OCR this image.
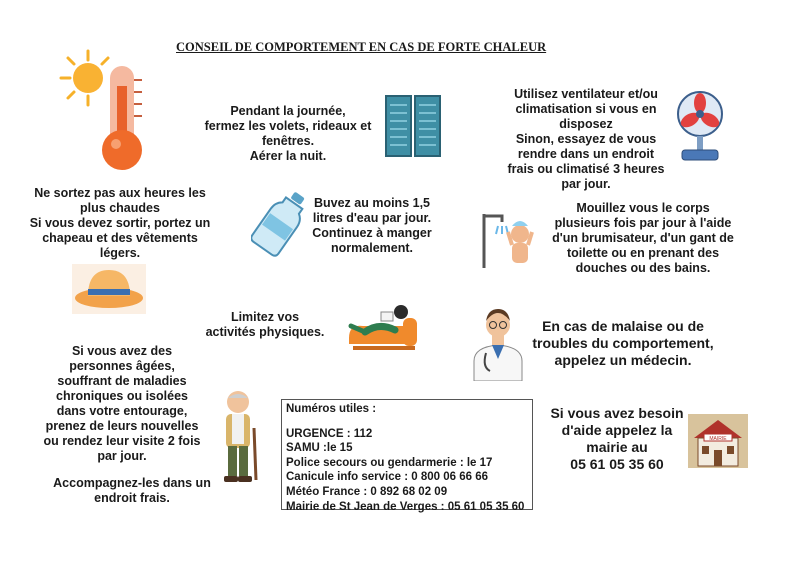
CONSEIL DE COMPORTEMENT EN CAS DE FORTE CHALEUR
Pendant la journée,
fermez les volets, rideaux et
fenêtres.
Aérer la nuit.
Utilisez ventilateur et/ou
climatisation si vous en
disposez
Sinon, essayez de vous
rendre dans un endroit
frais ou climatisé 3 heures
par jour.
Ne sortez pas aux heures les
plus chaudes
Si vous devez sortir, portez un
chapeau et des vêtements
légers.
Buvez au moins 1,5
litres d'eau par jour.
Continuez à manger
normalement.
Mouillez vous le corps
plusieurs fois par jour à l'aide
d'un brumisateur, d'un gant de
toilette ou en prenant des
douches ou des bains.
Limitez vos
activités physiques.	En cas de malaise ou de
troubles du comportement,
appelez un médecin.
Si vous avez des
personnes âgées,
souffrant de maladies
chroniques ou isolées
dans votre entourage,
prenez de leurs nouvelles
ou rendez leur visite 2 fois
par jour.
Accompagnez-les dans un
endroit frais.
Numéros utiles :
URGENCE : 112
SAMU :le 15
Police secours ou gendarmerie : le 17
Canicule info service : 0 800 06 66 66
Météo France : 0 892 68 02 09
Mairie de St Jean de Verges : 05 61 05 35 60
Si vous avez besoin
d'aide appelez la
mairie au
05 61 05 35 60
MAIRIE
